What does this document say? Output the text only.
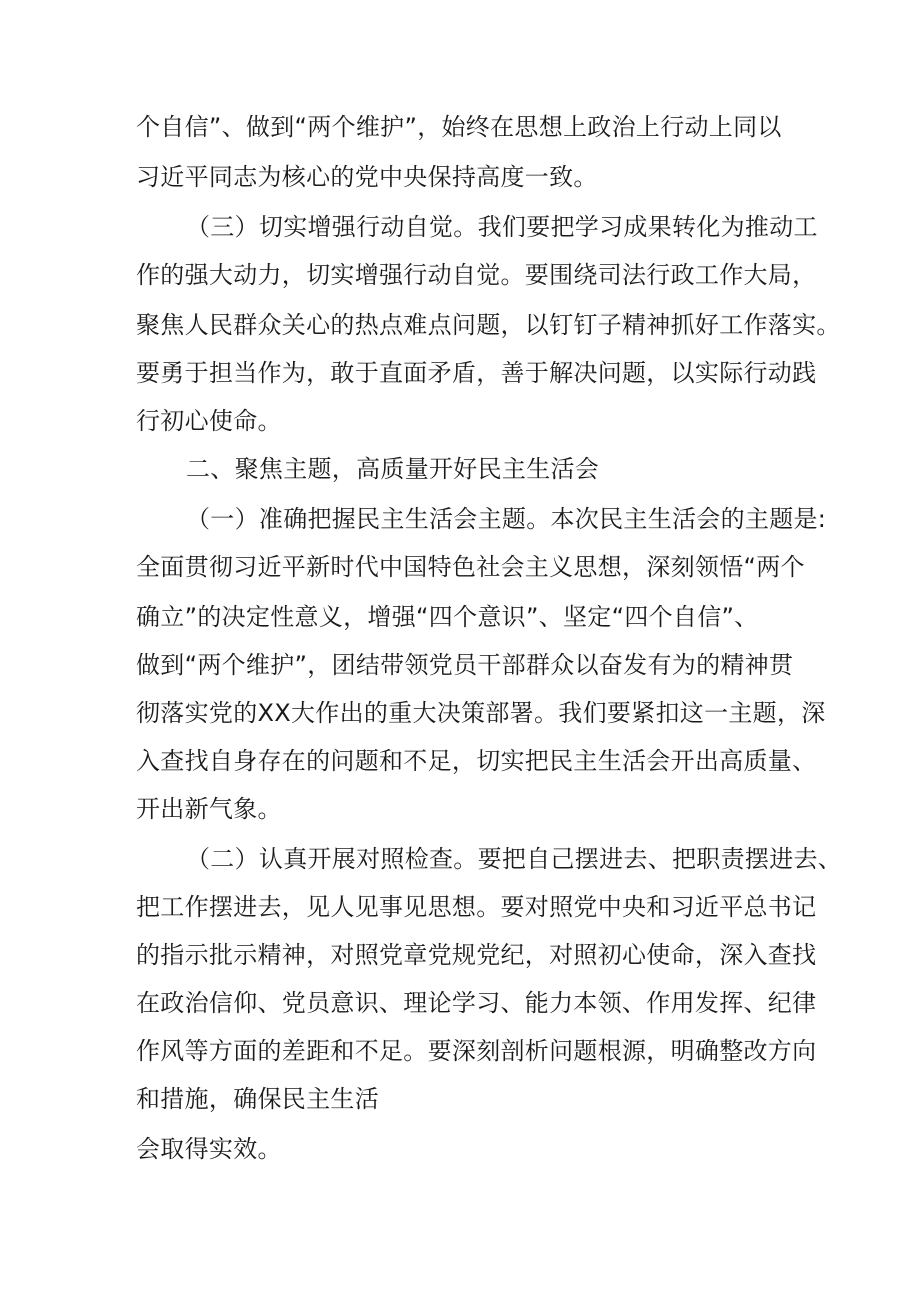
个自信”、做到“两个维护”，始终在思想上政治上行动上同以
习近平同志为核心的党中央保持高度一致。
（三）切实增强行动自觉。我们要把学习成果转化为推动工
作的强大动力，切实增强行动自觉。要围绕司法行政工作大局，
聚焦人民群众关心的热点难点问题，以钉钉子精神抓好工作落实。
要勇于担当作为，敢于直面矛盾，善于解决问题，以实际行动践
行初心使命。
二、聚焦主题，高质量开好民主生活会
（一）准确把握民主生活会主题。本次民主生活会的主题是:
全面贯彻习近平新时代中国特色社会主义思想，深刻领悟“两个
确立”的决定性意义，增强“四个意识”、坚定“四个自信”、
做到“两个维护”，团结带领党员干部群众以奋发有为的精神贯
彻落实党的XX大作出的重大决策部署。我们要紧扣这一主题，深
入查找自身存在的问题和不足，切实把民主生活会开出高质量、
开出新气象。
（二）认真开展对照检查。要把自己摆进去、把职责摆进去、
把工作摆进去，见人见事见思想。要对照党中央和习近平总书记
的指示批示精神，对照党章党规党纪，对照初心使命，深入查找
在政治信仰、党员意识、理论学习、能力本领、作用发挥、纪律
作风等方面的差距和不足。要深刻剖析问题根源，明确整改方向
和措施，确保民主生活
会取得实效。
